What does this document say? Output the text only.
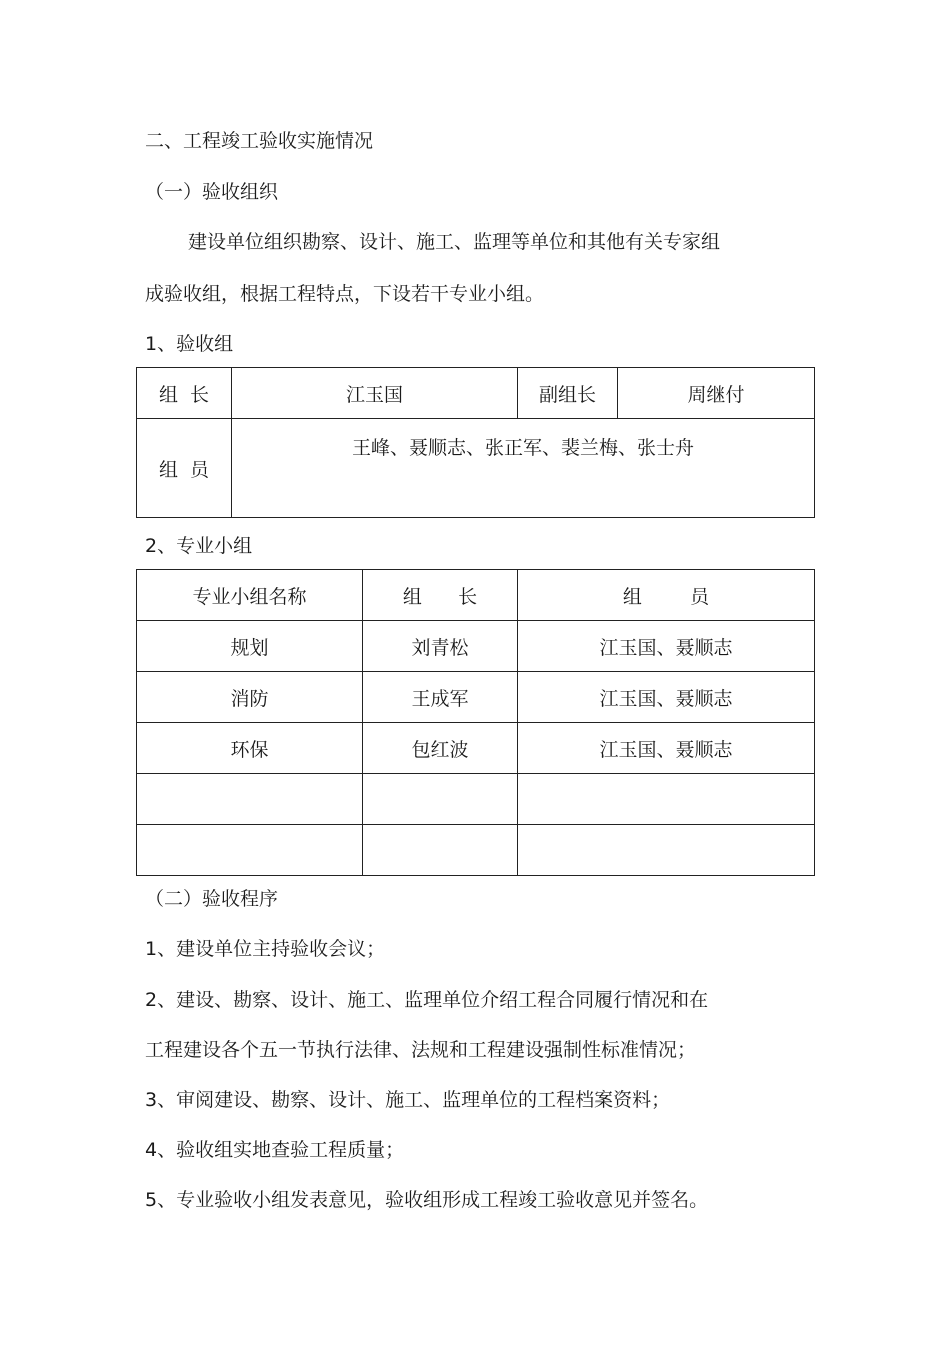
二、工程竣工验收实施情况
（一）验收组织
建设单位组织勘察、设计、施工、监理等单位和其他有关专家组
成验收组，根据工程特点，下设若干专业小组。
1、验收组
组  长	江玉国	副组长	周继付
组  员	王峰、聂顺志、张正军、裴兰梅、张士舟		
2、专业小组
专业小组名称	组      长	组        员
规划	刘青松	江玉国、聂顺志
消防	王成军	江玉国、聂顺志
环保	包红波	江玉国、聂顺志

（二）验收程序
1、建设单位主持验收会议；
2、建设、勘察、设计、施工、监理单位介绍工程合同履行情况和在
工程建设各个五一节执行法律、法规和工程建设强制性标准情况；
3、审阅建设、勘察、设计、施工、监理单位的工程档案资料；
4、验收组实地查验工程质量；
5、专业验收小组发表意见，验收组形成工程竣工验收意见并签名。
